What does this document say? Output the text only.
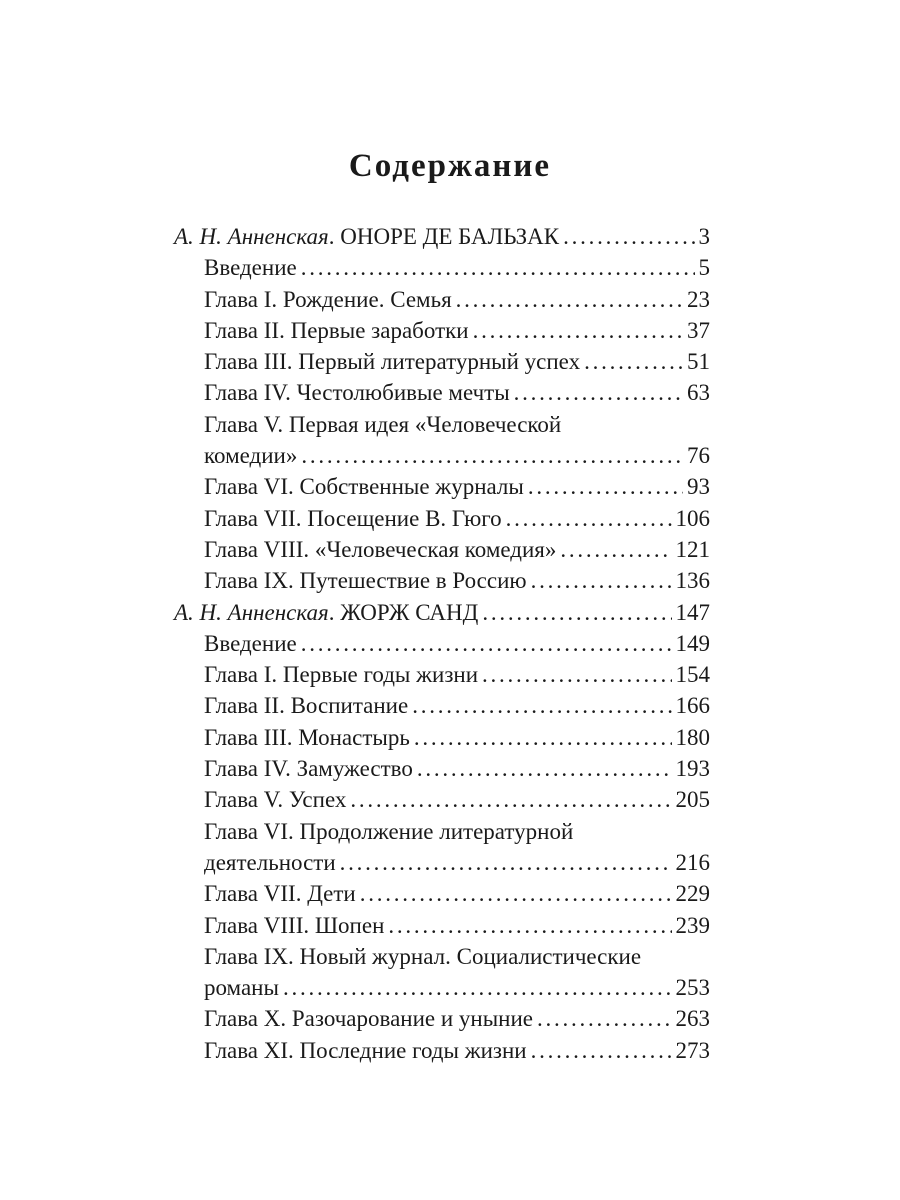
Содержание
А. Н. Анненская. ОНОРЕ ДЕ БАЛЬЗАК . . .	3
Введение . . .	5
Глава I. Рождение. Семья . . .	23
Глава II. Первые заработки . . .	37
Глава III. Первый литературный успех . . .	51
Глава IV. Честолюбивые мечты . . .	63
Глава V. Первая идея «Человеческой
комедии» . . .	76
Глава VI. Собственные журналы . . .	93
Глава VII. Посещение В. Гюго . . .	106
Глава VIII. «Человеческая комедия» . . .	121
Глава IX. Путешествие в Россию . . .	136
А. Н. Анненская. ЖОРЖ САНД . . .	147
Введение . . .	149
Глава I. Первые годы жизни . . .	154
Глава II. Воспитание . . .	166
Глава III. Монастырь . . .	180
Глава IV. Замужество . . .	193
Глава V. Успех . . .	205
Глава VI. Продолжение литературной
деятельности . . .	216
Глава VII. Дети . . .	229
Глава VIII. Шопен . . .	239
Глава IX. Новый журнал. Социалистические
романы . . .	253
Глава X. Разочарование и уныние . . .	263
Глава XI. Последние годы жизни . . .	273
